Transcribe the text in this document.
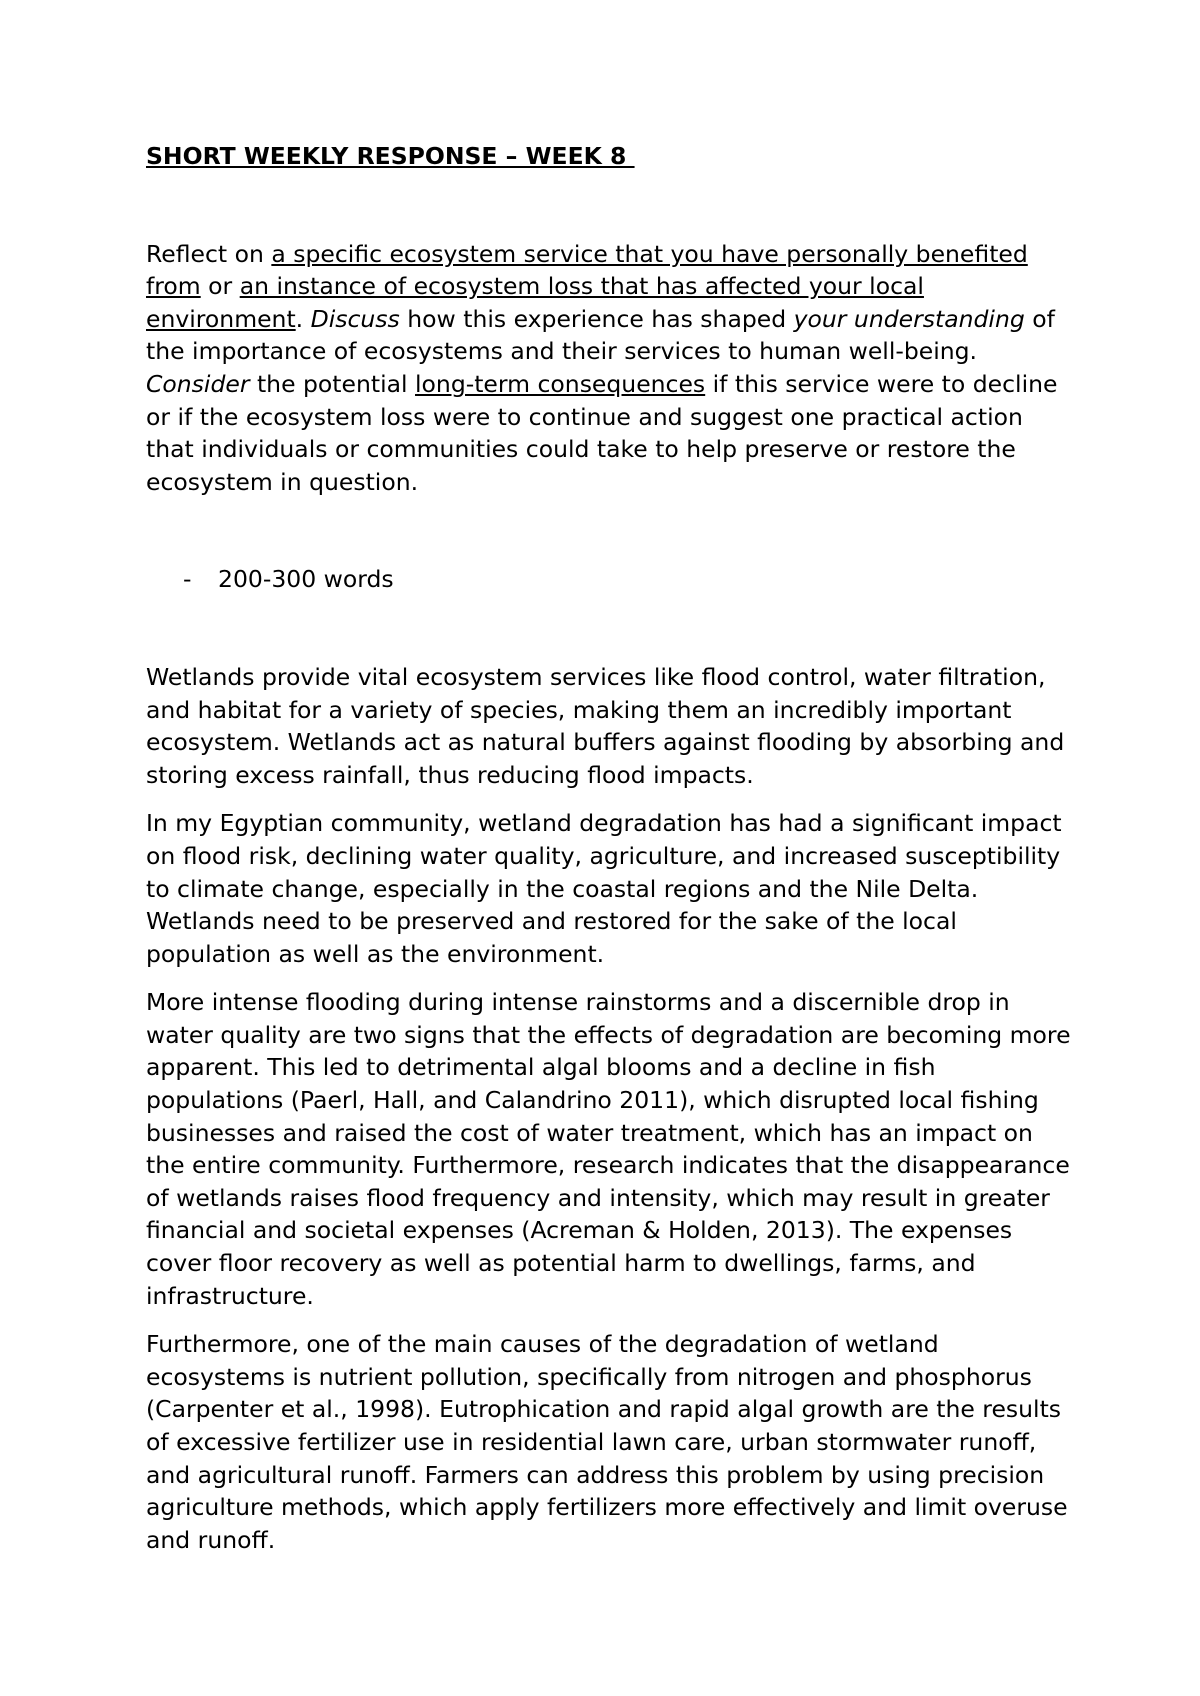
SHORT WEEKLY RESPONSE – WEEK 8

Reflect on a specific ecosystem service that you have personally benefited from or an instance of ecosystem loss that has affected your local environment. Discuss how this experience has shaped your understanding of the importance of ecosystems and their services to human well-being. Consider the potential long-term consequences if this service were to decline or if the ecosystem loss were to continue and suggest one practical action that individuals or communities could take to help preserve or restore the ecosystem in question.

-	200-300 words

Wetlands provide vital ecosystem services like flood control, water filtration, and habitat for a variety of species, making them an incredibly important ecosystem. Wetlands act as natural buffers against flooding by absorbing and storing excess rainfall, thus reducing flood impacts.

In my Egyptian community, wetland degradation has had a significant impact on flood risk, declining water quality, agriculture, and increased susceptibility to climate change, especially in the coastal regions and the Nile Delta. Wetlands need to be preserved and restored for the sake of the local population as well as the environment.

More intense flooding during intense rainstorms and a discernible drop in water quality are two signs that the effects of degradation are becoming more apparent. This led to detrimental algal blooms and a decline in fish populations (Paerl, Hall, and Calandrino 2011), which disrupted local fishing businesses and raised the cost of water treatment, which has an impact on the entire community. Furthermore, research indicates that the disappearance of wetlands raises flood frequency and intensity, which may result in greater financial and societal expenses (Acreman & Holden, 2013). The expenses cover floor recovery as well as potential harm to dwellings, farms, and infrastructure.

Furthermore, one of the main causes of the degradation of wetland ecosystems is nutrient pollution, specifically from nitrogen and phosphorus (Carpenter et al., 1998). Eutrophication and rapid algal growth are the results of excessive fertilizer use in residential lawn care, urban stormwater runoff, and agricultural runoff. Farmers can address this problem by using precision agriculture methods, which apply fertilizers more effectively and limit overuse and runoff.
